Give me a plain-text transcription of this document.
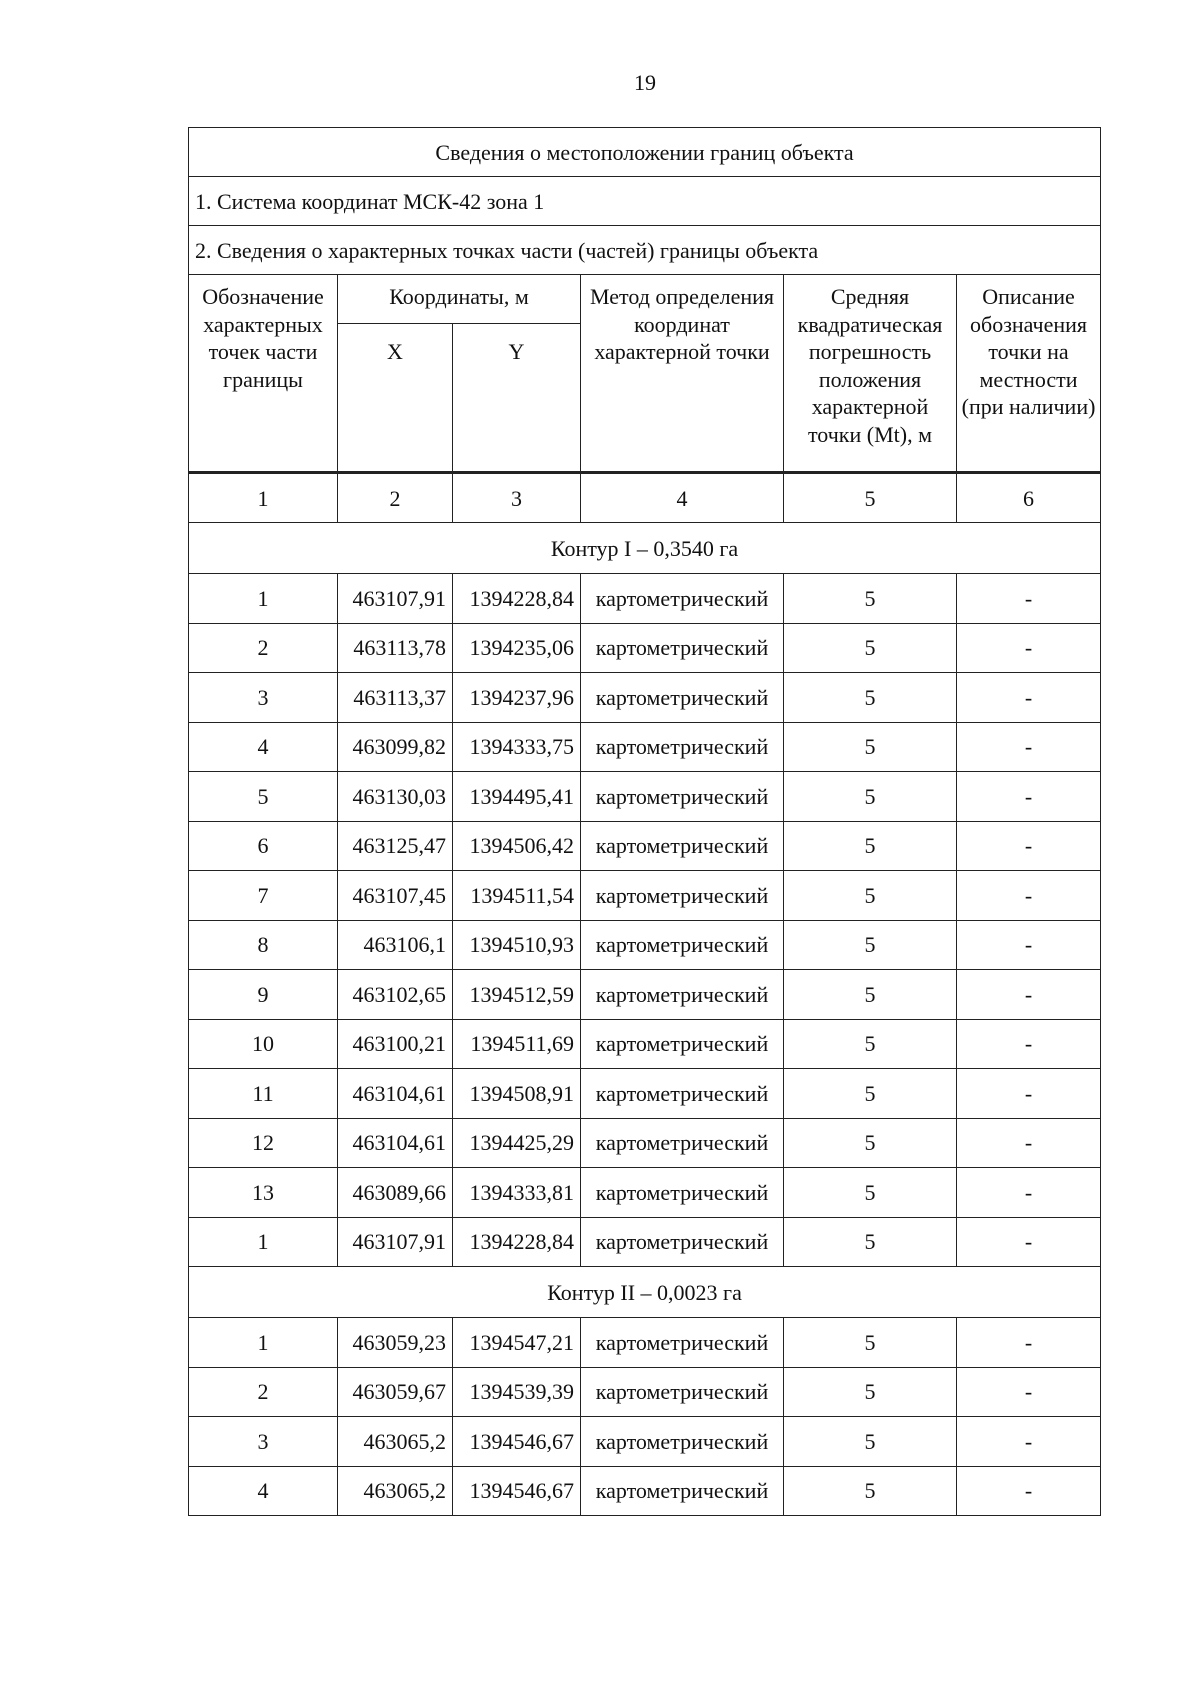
19
Сведения о местоположении границ объекта					
1. Система координат МСК-42 зона 1					
2. Сведения о характерных точках части (частей) границы объекта					
Обозначение характерных точек части границы	Координаты, м		Метод определения координат характерной точки	Средняя квадратическая погрешность положения характерной точки (Mt), м	Описание обозначения точки на местности (при наличии)
	X	Y			
1	2	3	4	5	6
Контур I – 0,3540 га					
1	463107,91	1394228,84	картометрический	5	-
2	463113,78	1394235,06	картометрический	5	-
3	463113,37	1394237,96	картометрический	5	-
4	463099,82	1394333,75	картометрический	5	-
5	463130,03	1394495,41	картометрический	5	-
6	463125,47	1394506,42	картометрический	5	-
7	463107,45	1394511,54	картометрический	5	-
8	463106,1	1394510,93	картометрический	5	-
9	463102,65	1394512,59	картометрический	5	-
10	463100,21	1394511,69	картометрический	5	-
11	463104,61	1394508,91	картометрический	5	-
12	463104,61	1394425,29	картометрический	5	-
13	463089,66	1394333,81	картометрический	5	-
1	463107,91	1394228,84	картометрический	5	-
Контур II – 0,0023 га					
1	463059,23	1394547,21	картометрический	5	-
2	463059,67	1394539,39	картометрический	5	-
3	463065,2	1394546,67	картометрический	5	-
4	463065,2	1394546,67	картометрический	5	-
